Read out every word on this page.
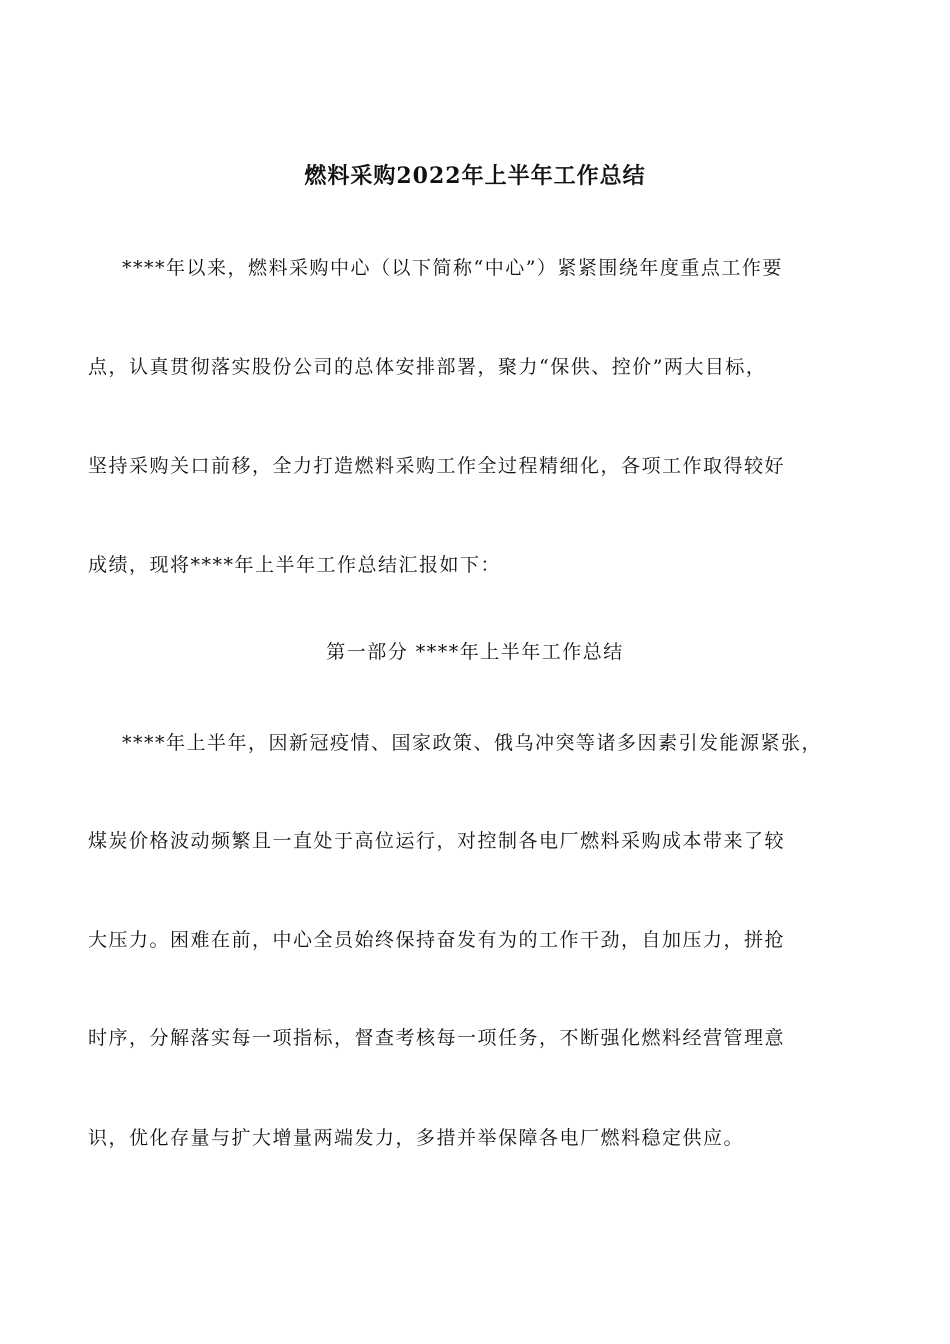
燃料采购2022年上半年工作总结
****年以来，燃料采购中心（以下简称“中心”）紧紧围绕年度重点工作要
点，认真贯彻落实股份公司的总体安排部署，聚力“保供、控价”两大目标，
坚持采购关口前移，全力打造燃料采购工作全过程精细化，各项工作取得较好
成绩，现将****年上半年工作总结汇报如下：
第一部分 ****年上半年工作总结
****年上半年，因新冠疫情、国家政策、俄乌冲突等诸多因素引发能源紧张，
煤炭价格波动频繁且一直处于高位运行，对控制各电厂燃料采购成本带来了较
大压力。困难在前，中心全员始终保持奋发有为的工作干劲，自加压力，拼抢
时序，分解落实每一项指标，督查考核每一项任务，不断强化燃料经营管理意
识，优化存量与扩大增量两端发力，多措并举保障各电厂燃料稳定供应。
